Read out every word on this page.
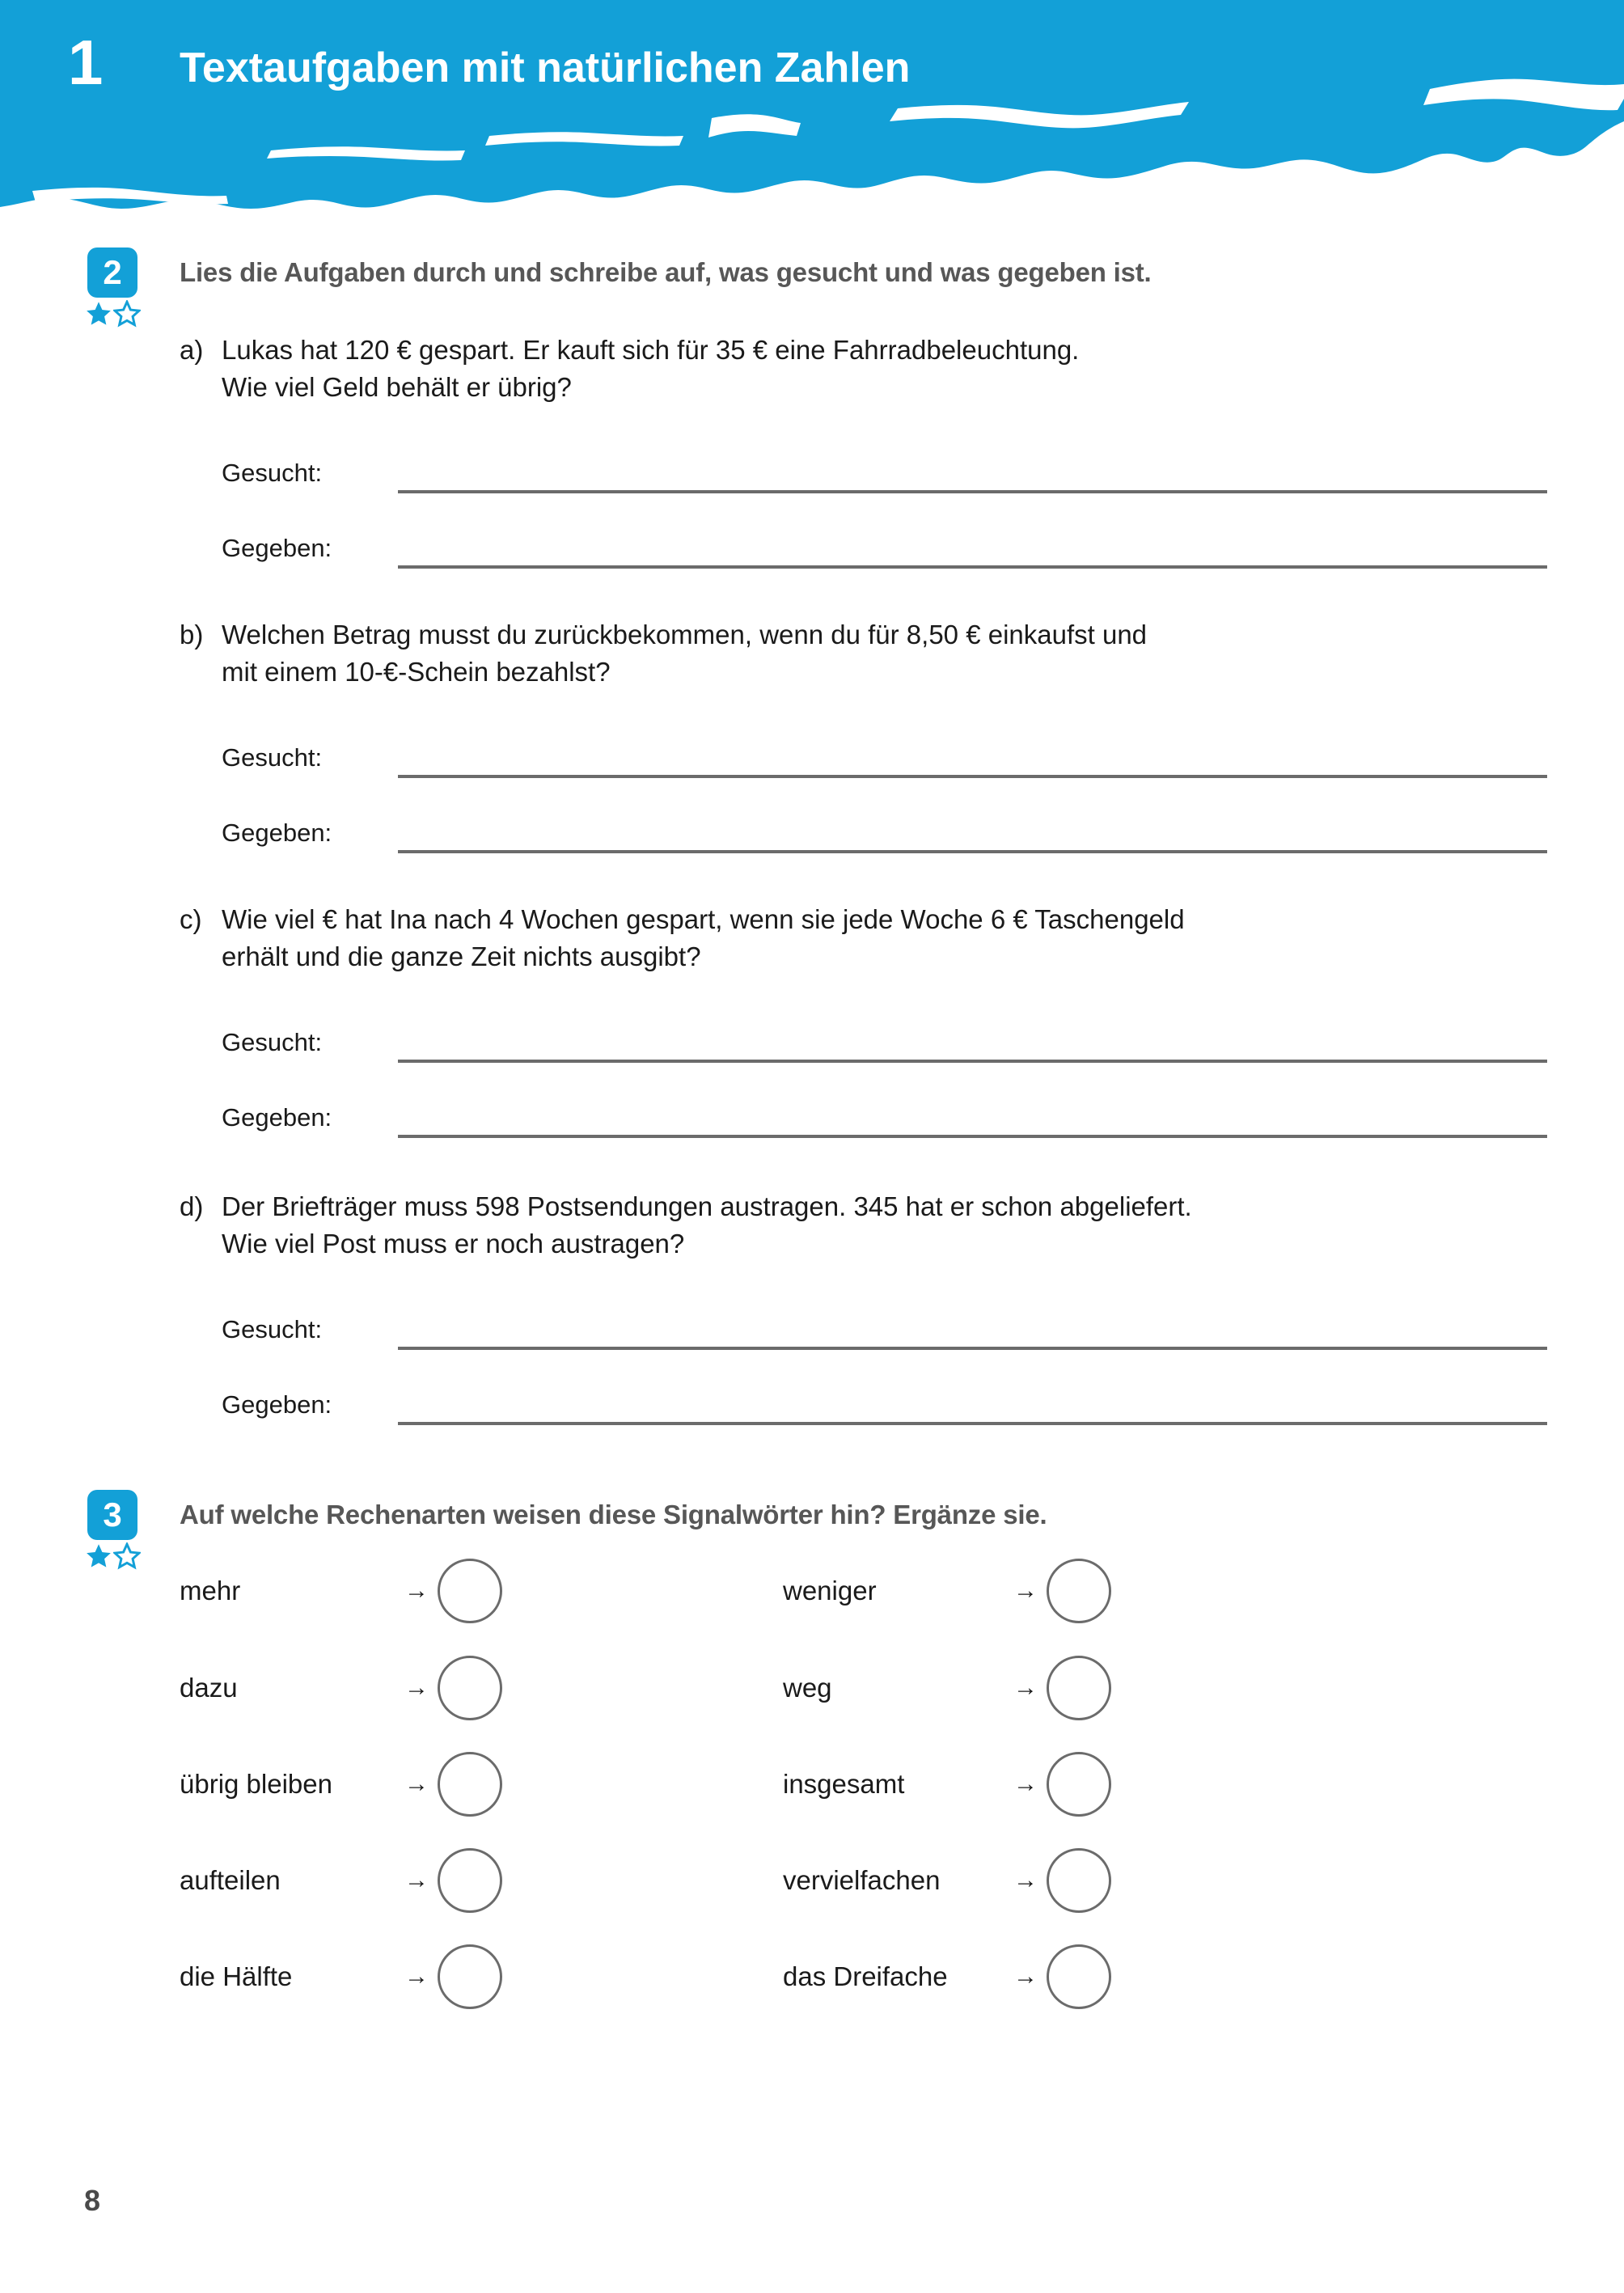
1 Textaufgaben mit natürlichen Zahlen
2	Lies die Aufgaben durch und schreibe auf, was gesucht und was gegeben ist.
a) Lukas hat 120 € gespart. Er kauft sich für 35 € eine Fahrradbeleuchtung.
Wie viel Geld behält er übrig?
Gesucht:
Gegeben:
b) Welchen Betrag musst du zurückbekommen, wenn du für 8,50 € einkaufst und
mit einem 10-€-Schein bezahlst?
Gesucht:
Gegeben:
c) Wie viel € hat Ina nach 4 Wochen gespart, wenn sie jede Woche 6 € Taschengeld
erhält und die ganze Zeit nichts ausgibt?
Gesucht:
Gegeben:
d) Der Briefträger muss 598 Postsendungen austragen. 345 hat er schon abgeliefert.
Wie viel Post muss er noch austragen?
Gesucht:
Gegeben:
3	Auf welche Rechenarten weisen diese Signalwörter hin? Ergänze sie.
mehr	→
dazu	→
übrig bleiben	→
aufteilen	→
die Hälfte	→
weniger	→
weg	→
insgesamt	→
vervielfachen	→
das Dreifache	→
8
